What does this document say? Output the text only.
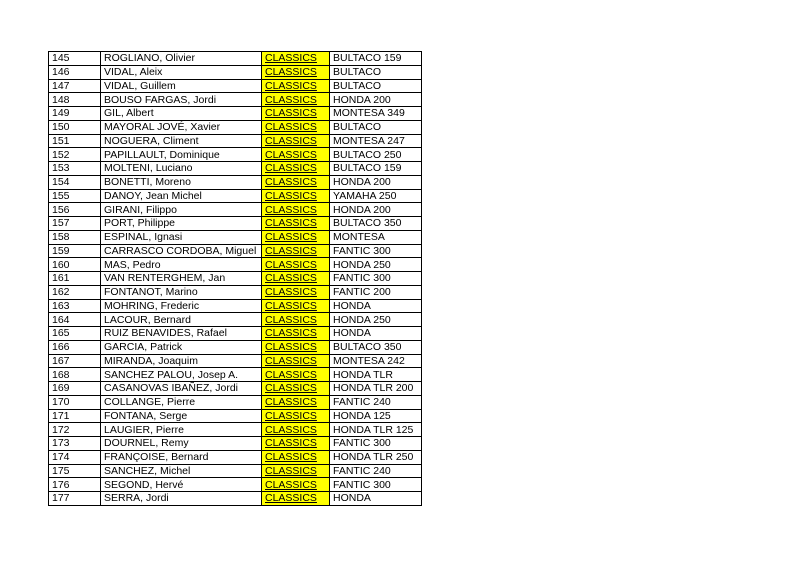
145	ROGLIANO, Olivier	CLASSICS	BULTACO 159
146	VIDAL, Aleix	CLASSICS	BULTACO
147	VIDAL, Guillem	CLASSICS	BULTACO
148	BOUSO FARGAS, Jordi	CLASSICS	HONDA 200
149	GIL, Albert	CLASSICS	MONTESA 349
150	MAYORAL JOVÉ, Xavier	CLASSICS	BULTACO
151	NOGUERA, Climent	CLASSICS	MONTESA 247
152	PAPILLAULT, Dominique	CLASSICS	BULTACO 250
153	MOLTENI, Luciano	CLASSICS	BULTACO 159
154	BONETTI, Moreno	CLASSICS	HONDA 200
155	DANOY, Jean Michel	CLASSICS	YAMAHA 250
156	GIRANI, Filippo	CLASSICS	HONDA 200
157	PORT, Philippe	CLASSICS	BULTACO 350
158	ESPINAL, Ignasi	CLASSICS	MONTESA
159	CARRASCO CORDOBA, Miguel	CLASSICS	FANTIC 300
160	MAS, Pedro	CLASSICS	HONDA 250
161	VAN RENTERGHEM, Jan	CLASSICS	FANTIC 300
162	FONTANOT, Marino	CLASSICS	FANTIC 200
163	MOHRING, Frederic	CLASSICS	HONDA
164	LACOUR, Bernard	CLASSICS	HONDA 250
165	RUIZ BENAVIDES, Rafael	CLASSICS	HONDA
166	GARCIA, Patrick	CLASSICS	BULTACO 350
167	MIRANDA, Joaquim	CLASSICS	MONTESA 242
168	SANCHEZ PALOU, Josep A.	CLASSICS	HONDA TLR
169	CASANOVAS IBAÑEZ, Jordi	CLASSICS	HONDA TLR 200
170	COLLANGE, Pierre	CLASSICS	FANTIC 240
171	FONTANA, Serge	CLASSICS	HONDA 125
172	LAUGIER, Pierre	CLASSICS	HONDA TLR 125
173	DOURNEL, Remy	CLASSICS	FANTIC 300
174	FRANÇOISE, Bernard	CLASSICS	HONDA TLR 250
175	SANCHEZ, Michel	CLASSICS	FANTIC 240
176	SEGOND, Hervé	CLASSICS	FANTIC 300
177	SERRA, Jordi	CLASSICS	HONDA
